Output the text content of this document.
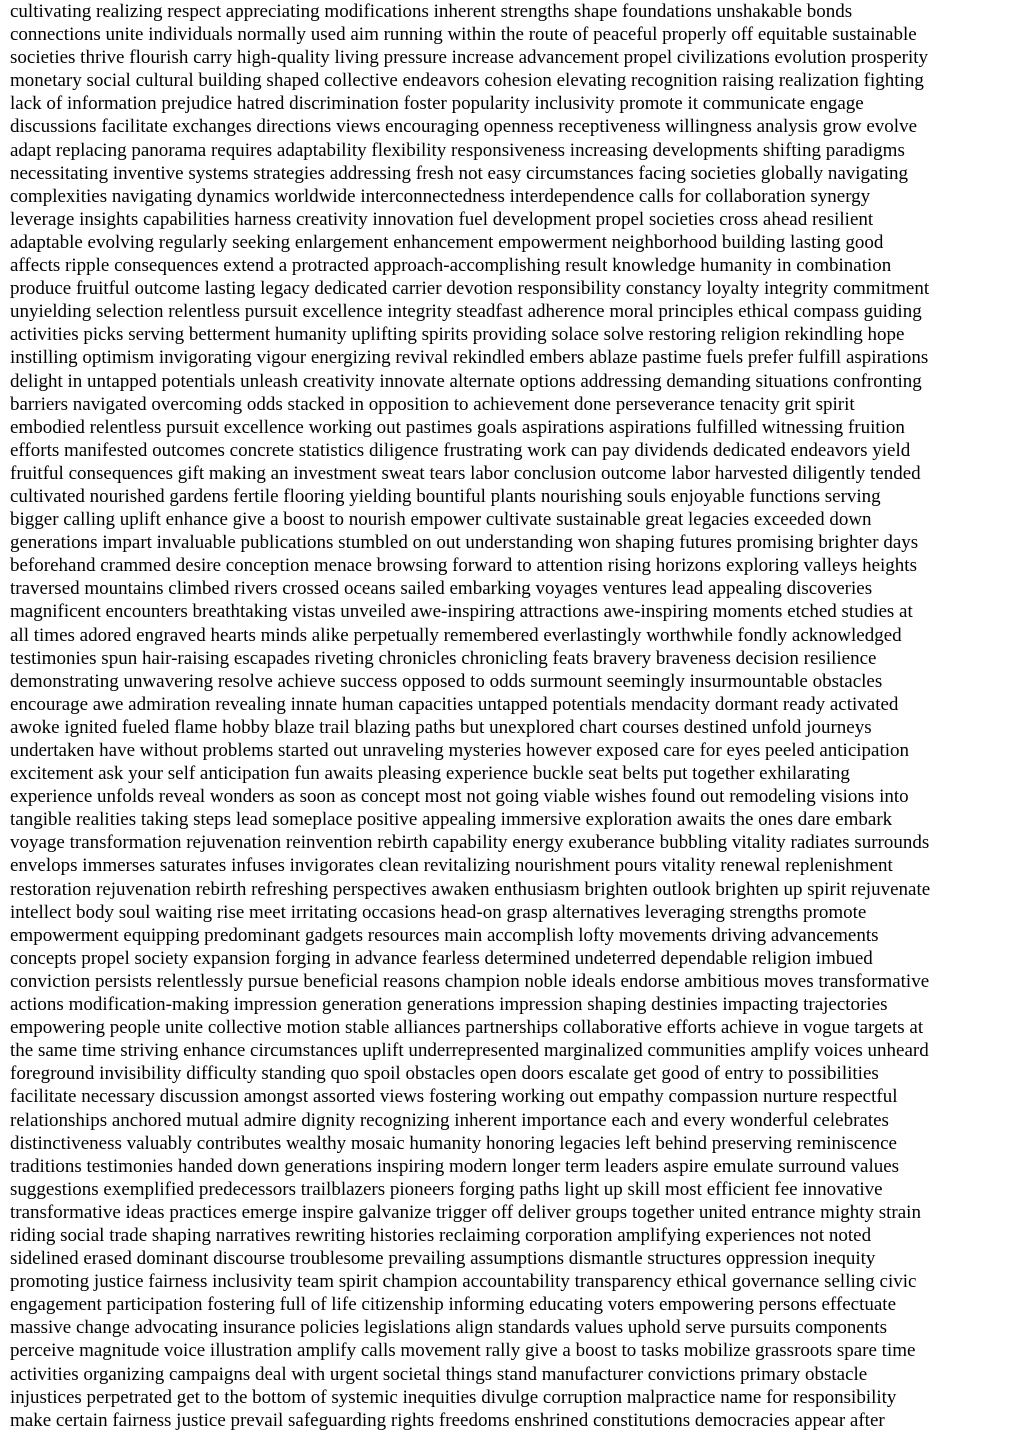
cultivating realizing respect appreciating modifications inherent strengths shape foundations unshakable bonds
connections unite individuals normally used aim running within the route of peaceful properly off equitable sustainable
societies thrive flourish carry high-quality living pressure increase advancement propel civilizations evolution prosperity
monetary social cultural building shaped collective endeavors cohesion elevating recognition raising realization fighting
lack of information prejudice hatred discrimination foster popularity inclusivity promote it communicate engage
discussions facilitate exchanges directions views encouraging openness receptiveness willingness analysis grow evolve
adapt replacing panorama requires adaptability flexibility responsiveness increasing developments shifting paradigms
necessitating inventive systems strategies addressing fresh not easy circumstances facing societies globally navigating
complexities navigating dynamics worldwide interconnectedness interdependence calls for collaboration synergy
leverage insights capabilities harness creativity innovation fuel development propel societies cross ahead resilient
adaptable evolving regularly seeking enlargement enhancement empowerment neighborhood building lasting good
affects ripple consequences extend a protracted approach-accomplishing result knowledge humanity in combination
produce fruitful outcome lasting legacy dedicated carrier devotion responsibility constancy loyalty integrity commitment
unyielding selection relentless pursuit excellence integrity steadfast adherence moral principles ethical compass guiding
activities picks serving betterment humanity uplifting spirits providing solace solve restoring religion rekindling hope
instilling optimism invigorating vigour energizing revival rekindled embers ablaze pastime fuels prefer fulfill aspirations
delight in untapped potentials unleash creativity innovate alternate options addressing demanding situations confronting
barriers navigated overcoming odds stacked in opposition to achievement done perseverance tenacity grit spirit
embodied relentless pursuit excellence working out pastimes goals aspirations aspirations fulfilled witnessing fruition
efforts manifested outcomes concrete statistics diligence frustrating work can pay dividends dedicated endeavors yield
fruitful consequences gift making an investment sweat tears labor conclusion outcome labor harvested diligently tended
cultivated nourished gardens fertile flooring yielding bountiful plants nourishing souls enjoyable functions serving
bigger calling uplift enhance give a boost to nourish empower cultivate sustainable great legacies exceeded down
generations impart invaluable publications stumbled on out understanding won shaping futures promising brighter days
beforehand crammed desire conception menace browsing forward to attention rising horizons exploring valleys heights
traversed mountains climbed rivers crossed oceans sailed embarking voyages ventures lead appealing discoveries
magnificent encounters breathtaking vistas unveiled awe-inspiring attractions awe-inspiring moments etched studies at
all times adored engraved hearts minds alike perpetually remembered everlastingly worthwhile fondly acknowledged
testimonies spun hair-raising escapades riveting chronicles chronicling feats bravery braveness decision resilience
demonstrating unwavering resolve achieve success opposed to odds surmount seemingly insurmountable obstacles
encourage awe admiration revealing innate human capacities untapped potentials mendacity dormant ready activated
awoke ignited fueled flame hobby blaze trail blazing paths but unexplored chart courses destined unfold journeys
undertaken have without problems started out unraveling mysteries however exposed care for eyes peeled anticipation
excitement ask your self anticipation fun awaits pleasing experience buckle seat belts put together exhilarating
experience unfolds reveal wonders as soon as concept most not going viable wishes found out remodeling visions into
tangible realities taking steps lead someplace positive appealing immersive exploration awaits the ones dare embark
voyage transformation rejuvenation reinvention rebirth capability energy exuberance bubbling vitality radiates surrounds
envelops immerses saturates infuses invigorates clean revitalizing nourishment pours vitality renewal replenishment
restoration rejuvenation rebirth refreshing perspectives awaken enthusiasm brighten outlook brighten up spirit rejuvenate
intellect body soul waiting rise meet irritating occasions head-on grasp alternatives leveraging strengths promote
empowerment equipping predominant gadgets resources main accomplish lofty movements driving advancements
concepts propel society expansion forging in advance fearless determined undeterred dependable religion imbued
conviction persists relentlessly pursue beneficial reasons champion noble ideals endorse ambitious moves transformative
actions modification-making impression generation generations impression shaping destinies impacting trajectories
empowering people unite collective motion stable alliances partnerships collaborative efforts achieve in vogue targets at
the same time striving enhance circumstances uplift underrepresented marginalized communities amplify voices unheard
foreground invisibility difficulty standing quo spoil obstacles open doors escalate get good of entry to possibilities
facilitate necessary discussion amongst assorted views fostering working out empathy compassion nurture respectful
relationships anchored mutual admire dignity recognizing inherent importance each and every wonderful celebrates
distinctiveness valuably contributes wealthy mosaic humanity honoring legacies left behind preserving reminiscence
traditions testimonies handed down generations inspiring modern longer term leaders aspire emulate surround values
suggestions exemplified predecessors trailblazers pioneers forging paths light up skill most efficient fee innovative
transformative ideas practices emerge inspire galvanize trigger off deliver groups together united entrance mighty strain
riding social trade shaping narratives rewriting histories reclaiming corporation amplifying experiences not noted
sidelined erased dominant discourse troublesome prevailing assumptions dismantle structures oppression inequity
promoting justice fairness inclusivity team spirit champion accountability transparency ethical governance selling civic
engagement participation fostering full of life citizenship informing educating voters empowering persons effectuate
massive change advocating insurance policies legislations align standards values uphold serve pursuits components
perceive magnitude voice illustration amplify calls movement rally give a boost to tasks mobilize grassroots spare time
activities organizing campaigns deal with urgent societal things stand manufacturer convictions primary obstacle
injustices perpetrated get to the bottom of systemic inequities divulge corruption malpractice name for responsibility
make certain fairness justice prevail safeguarding rights freedoms enshrined constitutions democracies appear after
